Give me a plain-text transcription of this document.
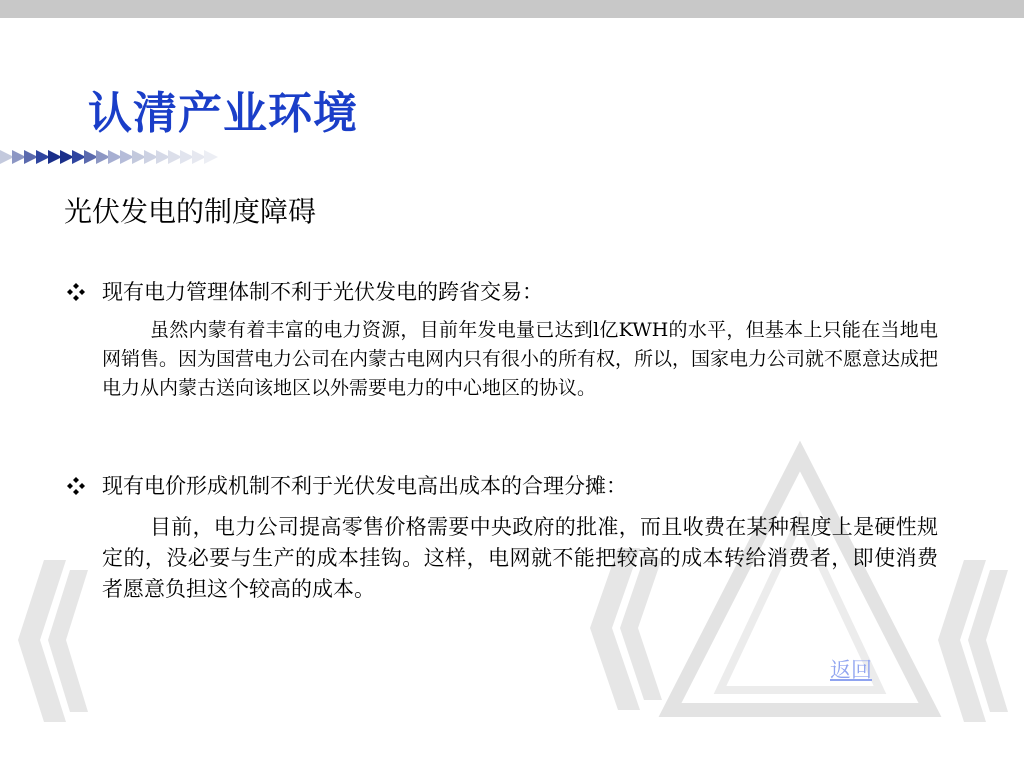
认清产业环境
光伏发电的制度障碍
现有电力管理体制不利于光伏发电的跨省交易：
虽然内蒙有着丰富的电力资源，目前年发电量已达到l亿KWH的水平，但基本上只能在当地电网销售。因为国营电力公司在内蒙古电网内只有很小的所有权，所以，国家电力公司就不愿意达成把电力从内蒙古送向该地区以外需要电力的中心地区的协议。
现有电价形成机制不利于光伏发电高出成本的合理分摊：
目前，电力公司提高零售价格需要中央政府的批准，而且收费在某种程度上是硬性规定的，没必要与生产的成本挂钩。这样，电网就不能把较高的成本转给消费者，即使消费者愿意负担这个较高的成本。
返回
